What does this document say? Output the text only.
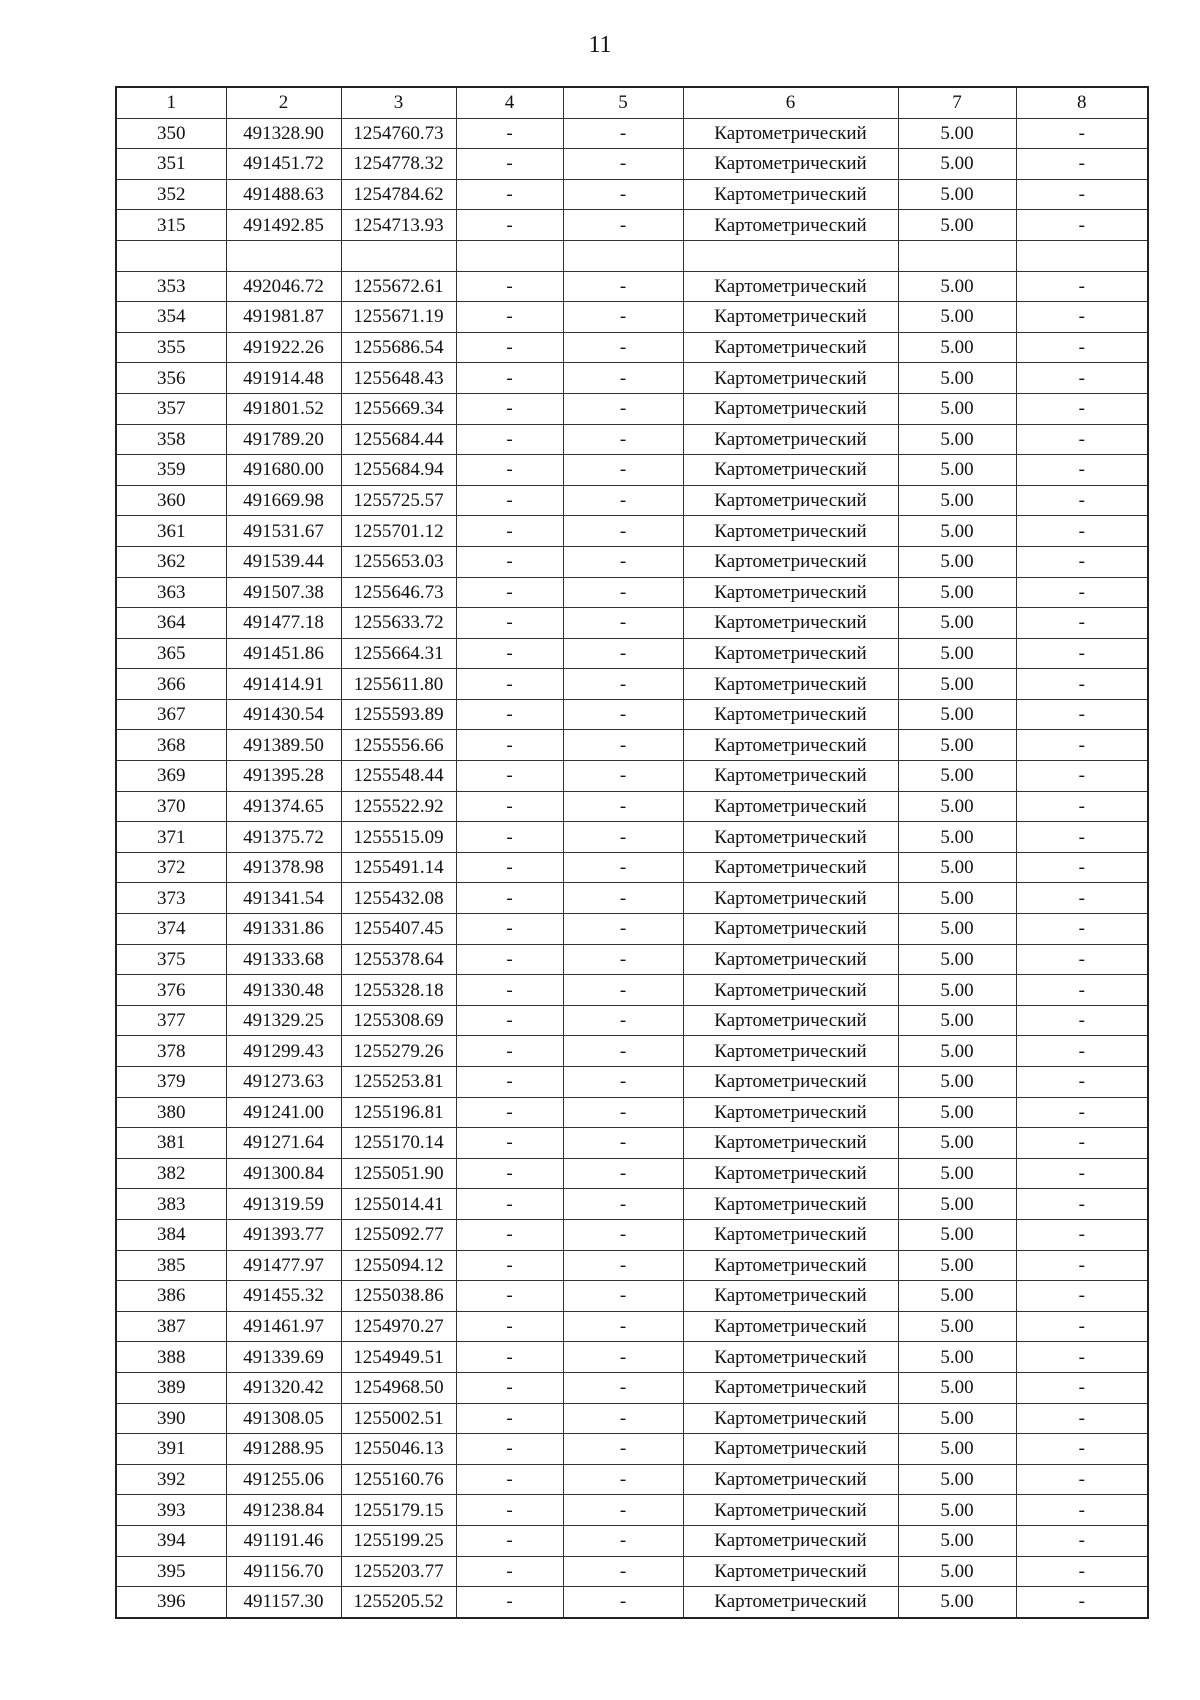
11
1	2	3	4	5	6	7	8
350	491328.90	1254760.73	-	-	Картометрический	5.00	-
351	491451.72	1254778.32	-	-	Картометрический	5.00	-
352	491488.63	1254784.62	-	-	Картометрический	5.00	-
315	491492.85	1254713.93	-	-	Картометрический	5.00	-

353	492046.72	1255672.61	-	-	Картометрический	5.00	-
354	491981.87	1255671.19	-	-	Картометрический	5.00	-
355	491922.26	1255686.54	-	-	Картометрический	5.00	-
356	491914.48	1255648.43	-	-	Картометрический	5.00	-
357	491801.52	1255669.34	-	-	Картометрический	5.00	-
358	491789.20	1255684.44	-	-	Картометрический	5.00	-
359	491680.00	1255684.94	-	-	Картометрический	5.00	-
360	491669.98	1255725.57	-	-	Картометрический	5.00	-
361	491531.67	1255701.12	-	-	Картометрический	5.00	-
362	491539.44	1255653.03	-	-	Картометрический	5.00	-
363	491507.38	1255646.73	-	-	Картометрический	5.00	-
364	491477.18	1255633.72	-	-	Картометрический	5.00	-
365	491451.86	1255664.31	-	-	Картометрический	5.00	-
366	491414.91	1255611.80	-	-	Картометрический	5.00	-
367	491430.54	1255593.89	-	-	Картометрический	5.00	-
368	491389.50	1255556.66	-	-	Картометрический	5.00	-
369	491395.28	1255548.44	-	-	Картометрический	5.00	-
370	491374.65	1255522.92	-	-	Картометрический	5.00	-
371	491375.72	1255515.09	-	-	Картометрический	5.00	-
372	491378.98	1255491.14	-	-	Картометрический	5.00	-
373	491341.54	1255432.08	-	-	Картометрический	5.00	-
374	491331.86	1255407.45	-	-	Картометрический	5.00	-
375	491333.68	1255378.64	-	-	Картометрический	5.00	-
376	491330.48	1255328.18	-	-	Картометрический	5.00	-
377	491329.25	1255308.69	-	-	Картометрический	5.00	-
378	491299.43	1255279.26	-	-	Картометрический	5.00	-
379	491273.63	1255253.81	-	-	Картометрический	5.00	-
380	491241.00	1255196.81	-	-	Картометрический	5.00	-
381	491271.64	1255170.14	-	-	Картометрический	5.00	-
382	491300.84	1255051.90	-	-	Картометрический	5.00	-
383	491319.59	1255014.41	-	-	Картометрический	5.00	-
384	491393.77	1255092.77	-	-	Картометрический	5.00	-
385	491477.97	1255094.12	-	-	Картометрический	5.00	-
386	491455.32	1255038.86	-	-	Картометрический	5.00	-
387	491461.97	1254970.27	-	-	Картометрический	5.00	-
388	491339.69	1254949.51	-	-	Картометрический	5.00	-
389	491320.42	1254968.50	-	-	Картометрический	5.00	-
390	491308.05	1255002.51	-	-	Картометрический	5.00	-
391	491288.95	1255046.13	-	-	Картометрический	5.00	-
392	491255.06	1255160.76	-	-	Картометрический	5.00	-
393	491238.84	1255179.15	-	-	Картометрический	5.00	-
394	491191.46	1255199.25	-	-	Картометрический	5.00	-
395	491156.70	1255203.77	-	-	Картометрический	5.00	-
396	491157.30	1255205.52	-	-	Картометрический	5.00	-
